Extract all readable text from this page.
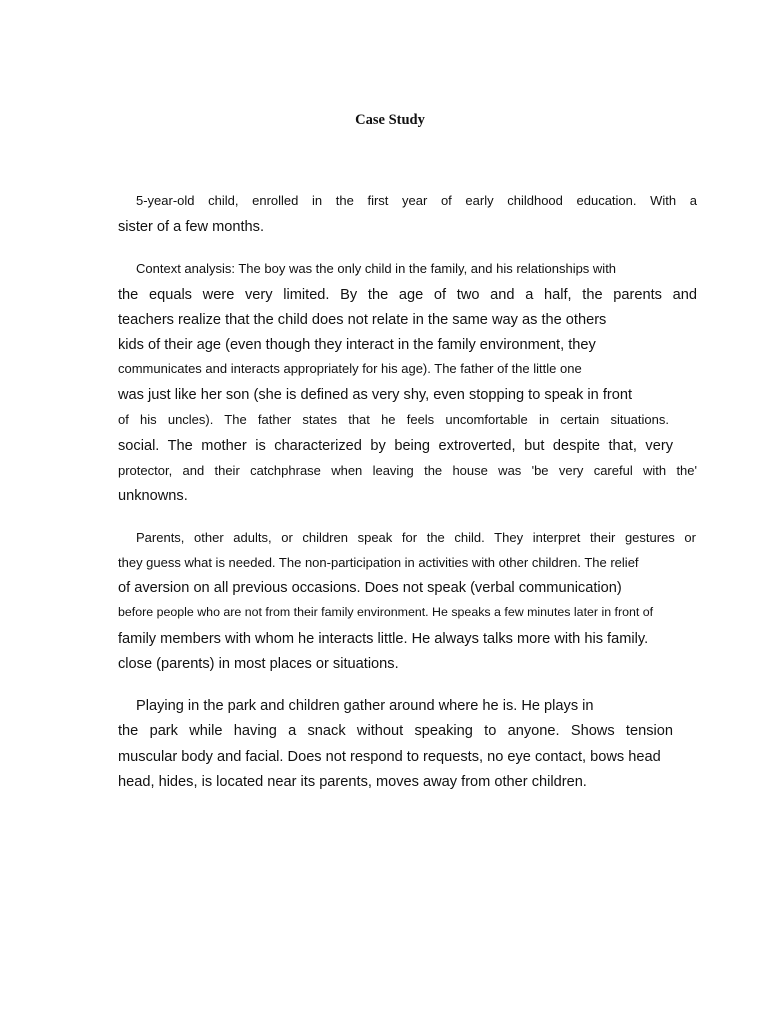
Case Study
5-year-old child, enrolled in the first year of early childhood education. With a
sister of a few months.
Context analysis: The boy was the only child in the family, and his relationships with
the equals were very limited. By the age of two and a half, the parents and
teachers realize that the child does not relate in the same way as the others
kids of their age (even though they interact in the family environment, they
communicates and interacts appropriately for his age). The father of the little one
was just like her son (she is defined as very shy, even stopping to speak in front
of his uncles). The father states that he feels uncomfortable in certain situations.
social. The mother is characterized by being extroverted, but despite that, very
protector, and their catchphrase when leaving the house was 'be very careful with the'
unknowns.
Parents, other adults, or children speak for the child. They interpret their gestures or
they guess what is needed. The non-participation in activities with other children. The relief
of aversion on all previous occasions. Does not speak (verbal communication)
before people who are not from their family environment. He speaks a few minutes later in front of
family members with whom he interacts little. He always talks more with his family.
close (parents) in most places or situations.
Playing in the park and children gather around where he is. He plays in
the park while having a snack without speaking to anyone. Shows tension
muscular body and facial. Does not respond to requests, no eye contact, bows head
head, hides, is located near its parents, moves away from other children.
